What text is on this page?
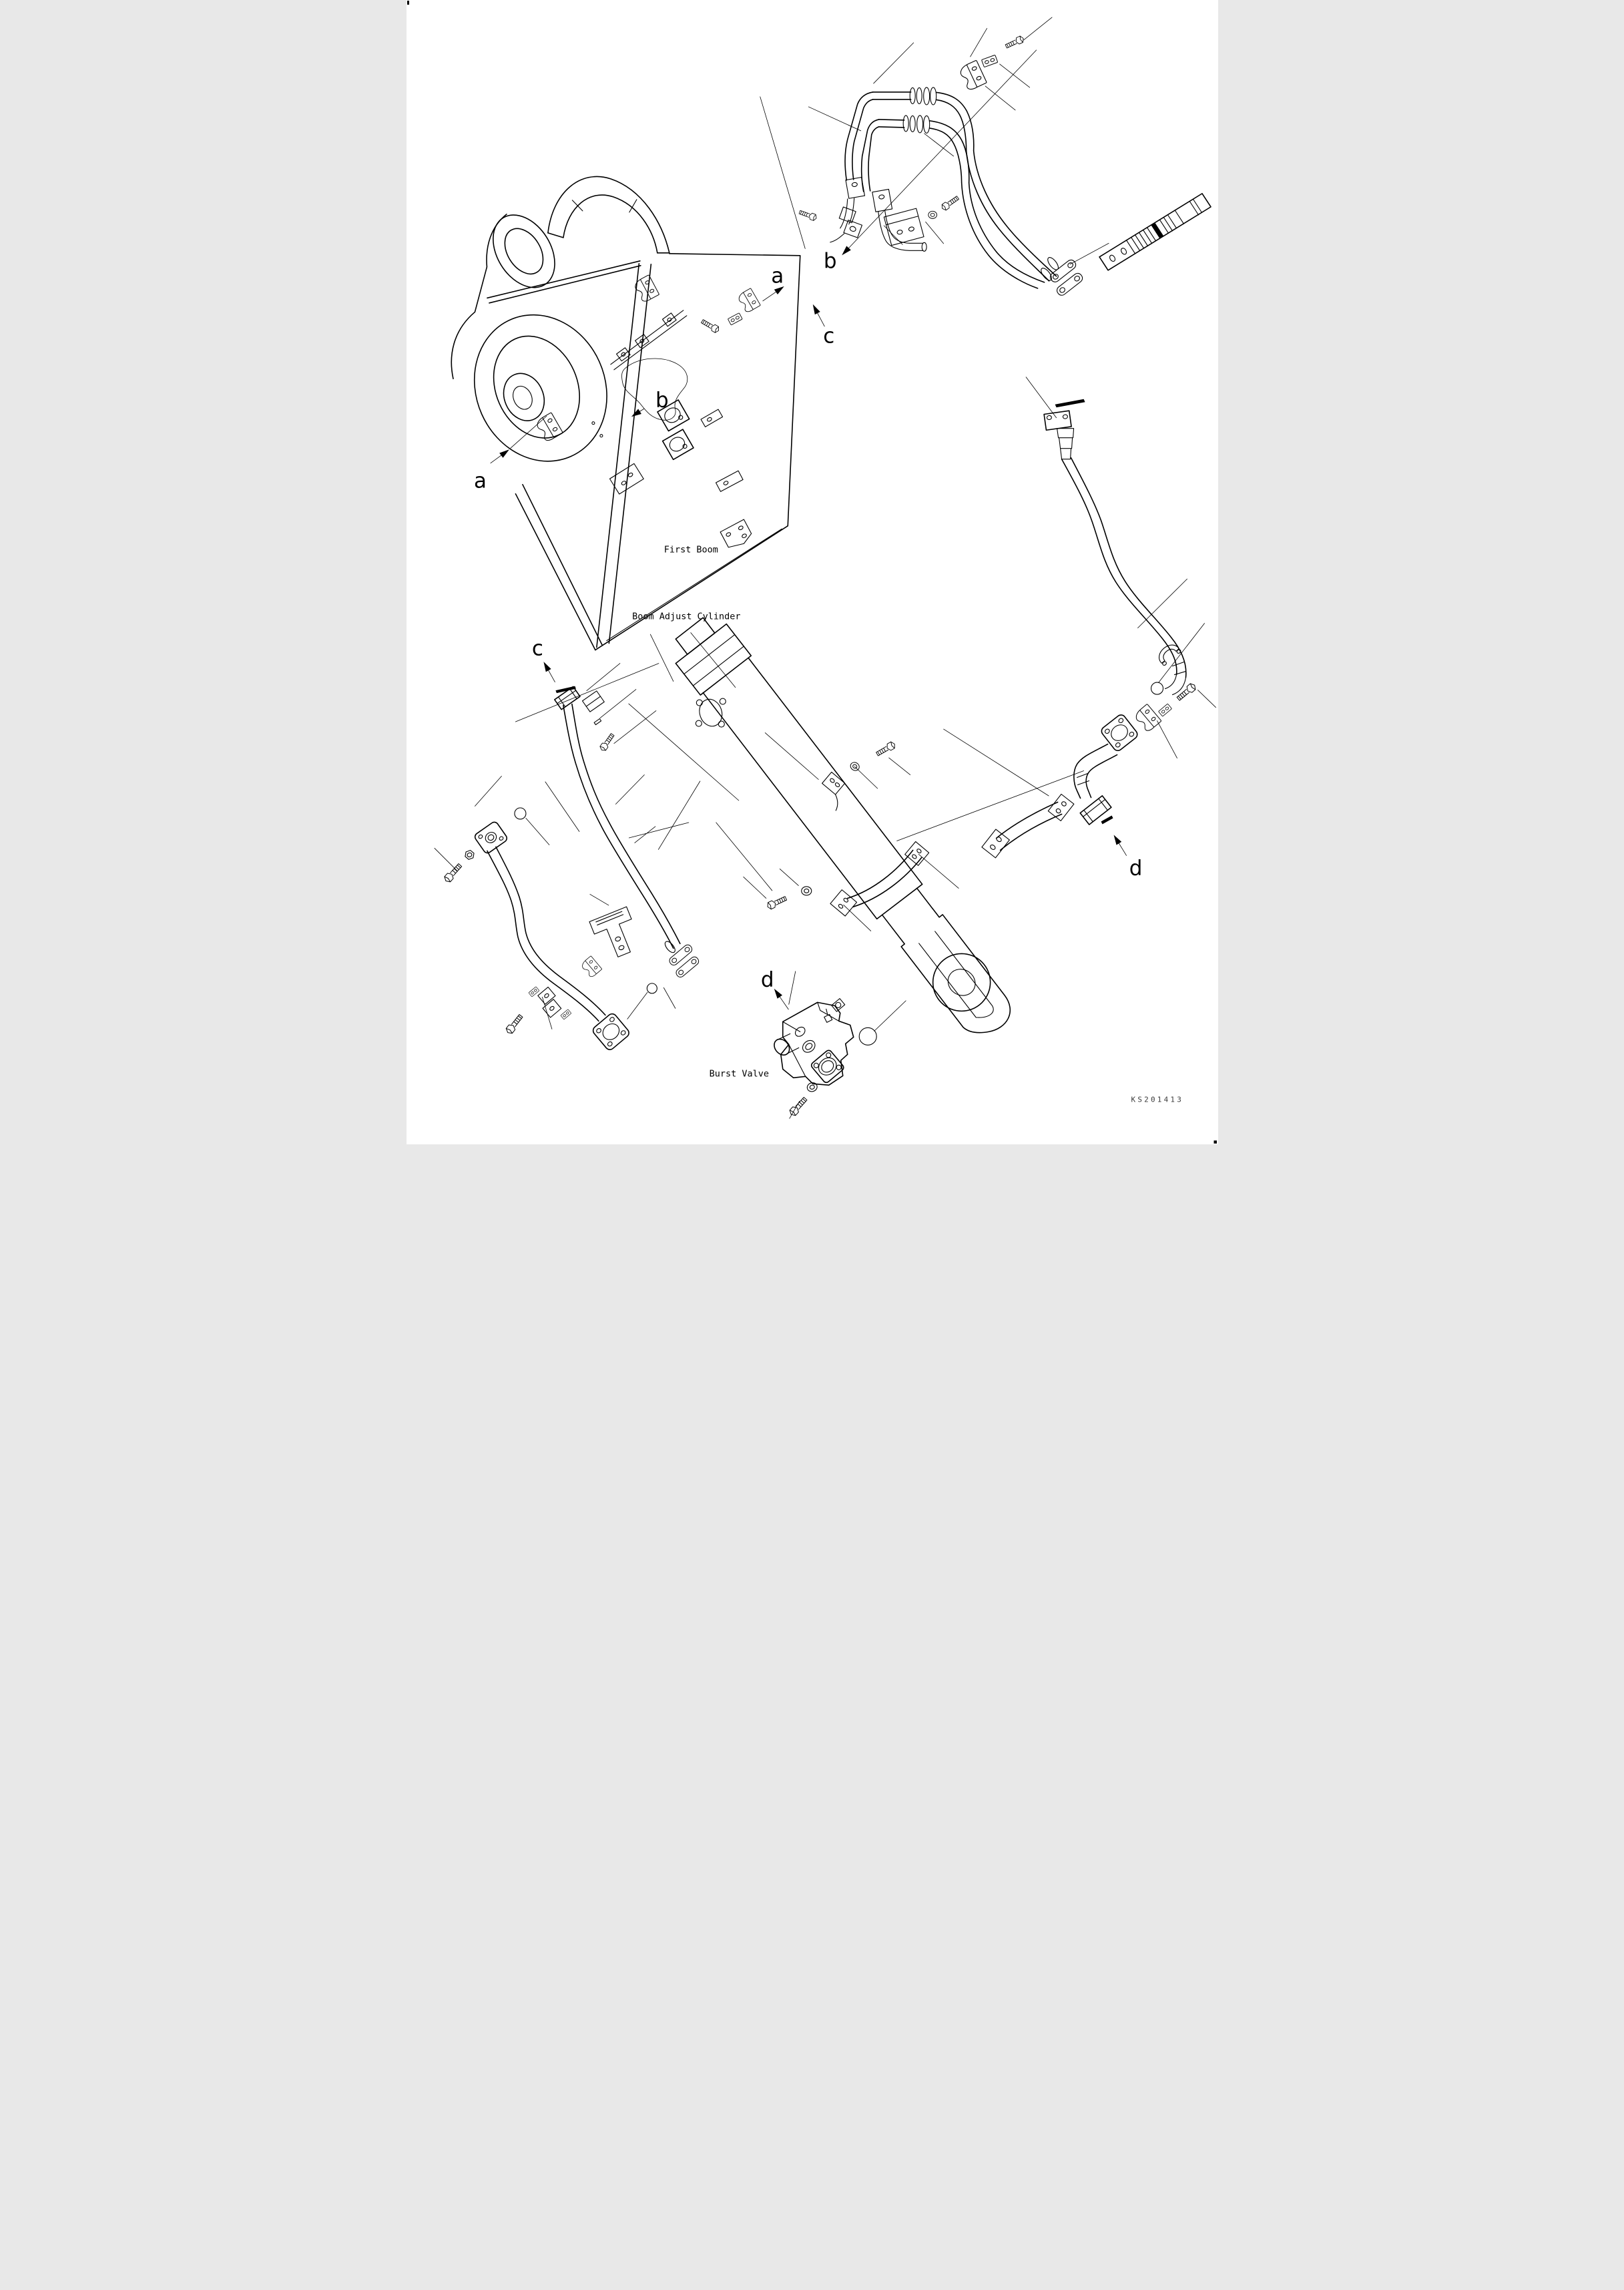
First Boom
Boom Adjust Cylinder
Burst Valve
KS201413
a
b
c
a
b
c
d
d
